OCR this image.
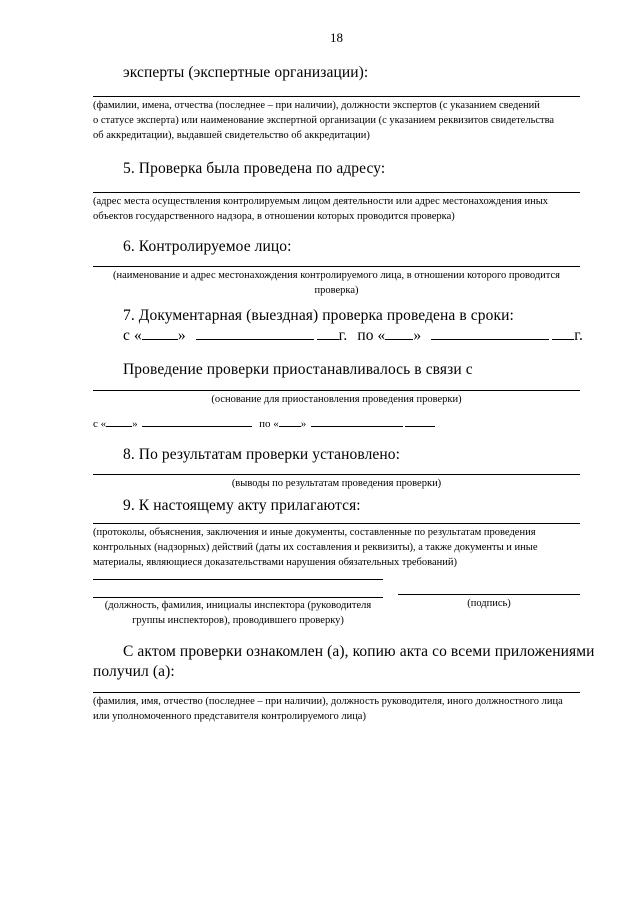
18
эксперты (экспертные организации):
(фамилии, имена, отчества (последнее – при наличии), должности экспертов (с указанием сведений
о статусе эксперта) или наименование экспертной организации (с указанием реквизитов свидетельства
об аккредитации), выдавшей свидетельство об аккредитации)
5. Проверка была проведена по адресу:
(адрес места осуществления контролируемым лицом деятельности или адрес местонахождения иных
объектов государственного надзора, в отношении которых проводится проверка)
6. Контролируемое лицо:
(наименование и адрес местонахождения контролируемого лица, в отношении которого проводится
проверка)
7. Документарная (выездная) проверка проведена в сроки:
с « »	г. по « »	г.
Проведение проверки приостанавливалось в связи с
(основание для приостановления проведения проверки)
с « »	по « »
8. По результатам проверки установлено:
(выводы по результатам проведения проверки)
9. К настоящему акту прилагаются:
(протоколы, объяснения, заключения и иные документы, составленные по результатам проведения
контрольных (надзорных) действий (даты их составления и реквизиты), а также документы и иные
материалы, являющиеся доказательствами нарушения обязательных требований)
(должность, фамилия, инициалы инспектора (руководителя
группы инспекторов), проводившего проверку)
(подпись)
С актом проверки ознакомлен (а), копию акта со всеми приложениями
получил (а):
(фамилия, имя, отчество (последнее – при наличии), должность руководителя, иного должностного лица
или уполномоченного представителя контролируемого лица)
